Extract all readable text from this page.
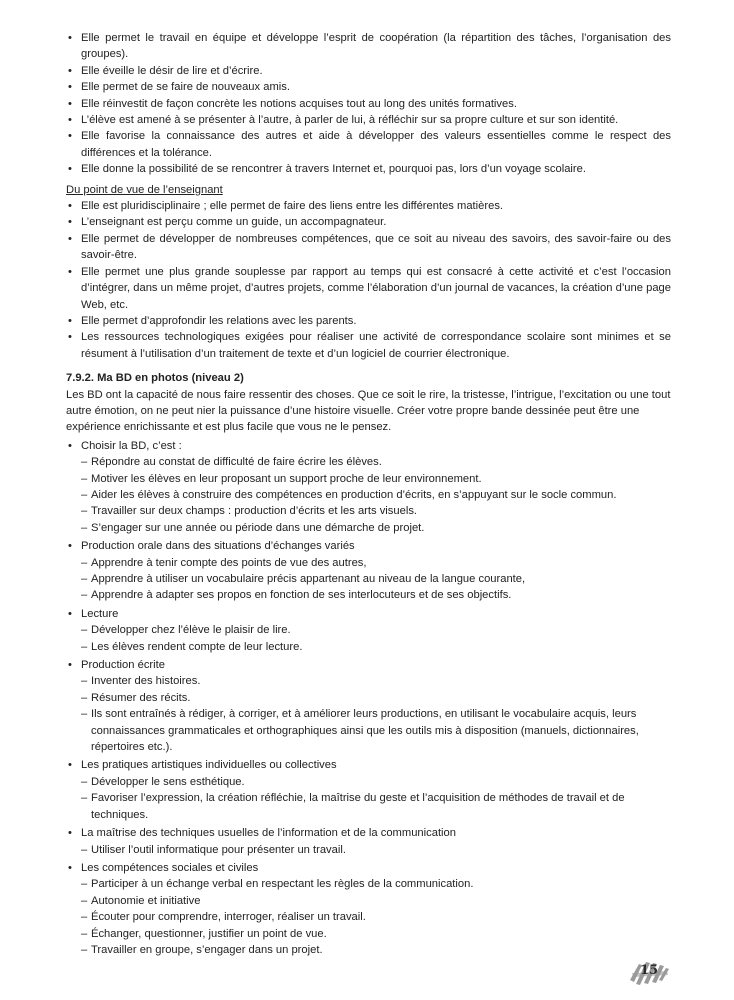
• Elle permet le travail en équipe et développe l’esprit de coopération (la répartition des tâches, l’organisation des groupes).
• Elle éveille le désir de lire et d’écrire.
• Elle permet de se faire de nouveaux amis.
• Elle réinvestit de façon concrète les notions acquises tout au long des unités formatives.
• L’élève est amené à se présenter à l’autre, à parler de lui, à réfléchir sur sa propre culture et sur son identité.
• Elle favorise la connaissance des autres et aide à développer des valeurs essentielles comme le respect des différences et la tolérance.
• Elle donne la possibilité de se rencontrer à travers Internet et, pourquoi pas, lors d’un voyage scolaire.
Du point de vue de l’enseignant
• Elle est pluridisciplinaire ; elle permet de faire des liens entre les différentes matières.
• L’enseignant est perçu comme un guide, un accompagnateur.
• Elle permet de développer de nombreuses compétences, que ce soit au niveau des savoirs, des savoir-faire ou des savoir-être.
• Elle permet une plus grande souplesse par rapport au temps qui est consacré à cette activité et c’est l’occasion d’intégrer, dans un même projet, d’autres projets, comme l’élaboration d’un journal de vacances, la création d’une page Web, etc.
• Elle permet d’approfondir les relations avec les parents.
• Les ressources technologiques exigées pour réaliser une activité de correspondance scolaire sont minimes et se résument à l’utilisation d’un traitement de texte et d’un logiciel de courrier électronique.
7.9.2. Ma BD en photos (niveau 2)

Les BD ont la capacité de nous faire ressentir des choses. Que ce soit le rire, la tristesse, l’intrigue, l’excitation ou une tout autre émotion, on ne peut nier la puissance d’une histoire visuelle. Créer votre propre bande dessinée peut être une expérience enrichissante et est plus facile que vous ne le pensez.

• Choisir la BD, c’est :
– Répondre au constat de difficulté de faire écrire les élèves.
– Motiver les élèves en leur proposant un support proche de leur environnement.
– Aider les élèves à construire des compétences en production d’écrits, en s’appuyant sur le socle commun.
– Travailler sur deux champs : production d’écrits et les arts visuels.
– S’engager sur une année ou période dans une démarche de projet.
• Production orale dans des situations d’échanges variés
– Apprendre à tenir compte des points de vue des autres,
– Apprendre à utiliser un vocabulaire précis appartenant au niveau de la langue courante,
– Apprendre à adapter ses propos en fonction de ses interlocuteurs et de ses objectifs.
• Lecture
– Développer chez l’élève le plaisir de lire.
– Les élèves rendent compte de leur lecture.
• Production écrite
– Inventer des histoires.
– Résumer des récits.
– Ils sont entraînés à rédiger, à corriger, et à améliorer leurs productions, en utilisant le vocabulaire acquis, leurs connaissances grammaticales et orthographiques ainsi que les outils mis à disposition (manuels, dictionnaires, répertoires etc.).
• Les pratiques artistiques individuelles ou collectives
– Développer le sens esthétique.
– Favoriser l’expression, la création réfléchie, la maîtrise du geste et l’acquisition de méthodes de travail et de techniques.
• La maîtrise des techniques usuelles de l’information et de la communication
– Utiliser l’outil informatique pour présenter un travail.
• Les compétences sociales et civiles
– Participer à un échange verbal en respectant les règles de la communication.
– Autonomie et initiative
– Écouter pour comprendre, interroger, réaliser un travail.
– Échanger, questionner, justifier un point de vue.
– Travailler en groupe, s’engager dans un projet.
15
